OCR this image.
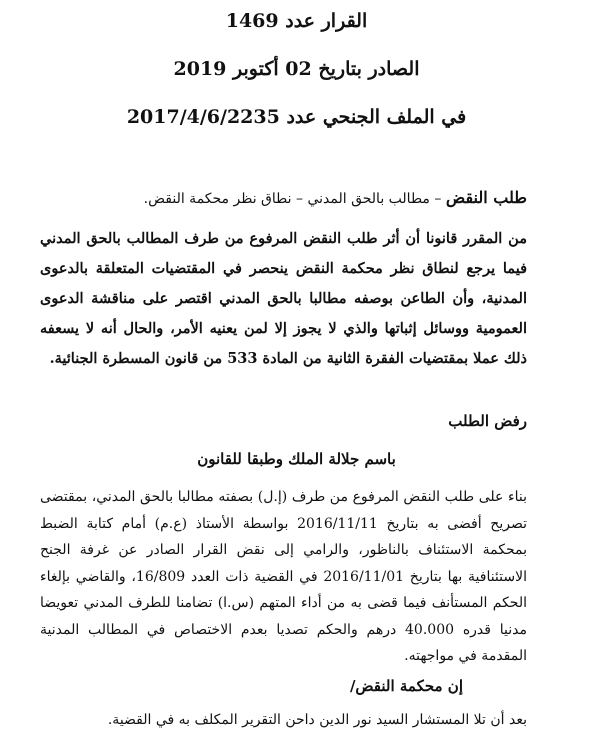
القرار عدد 1469
الصادر بتاريخ 02 أكتوبر 2019
في الملف الجنحي عدد 2017/4/6/2235
طلب النقض – مطالب بالحق المدني – نطاق نظر محكمة النقض.
من المقرر قانونا أن أثر طلب النقض المرفوع من طرف المطالب بالحق المدني فيما يرجع لنطاق نظر محكمة النقض ينحصر في المقتضيات المتعلقة بالدعوى المدنية، وأن الطاعن بوصفه مطالبا بالحق المدني اقتصر على مناقشة الدعوى العمومية ووسائل إثباتها والذي لا يجوز إلا لمن يعنيه الأمر، والحال أنه لا يسعفه ذلك عملا بمقتضيات الفقرة الثانية من المادة 533 من قانون المسطرة الجنائية.
رفض الطلب
باسم جلالة الملك وطبقا للقانون
بناء على طلب النقض المرفوع من طرف (إ.ل) بصفته مطالبا بالحق المدني، بمقتضى تصريح أفضى به بتاريخ 2016/11/11 بواسطة الأستاذ (ع.م) أمام كتابة الضبط بمحكمة الاستئناف بالناظور، والرامي إلى نقض القرار الصادر عن غرفة الجنح الاستئنافية بها بتاريخ 2016/11/01 في القضية ذات العدد 16/809، والقاضي بإلغاء الحكم المستأنف فيما قضى به من أداء المتهم (س.ا) تضامنا للطرف المدني تعويضا مدنيا قدره 40.000 درهم والحكم تصديا بعدم الاختصاص في المطالب المدنية المقدمة في مواجهته.
إن محكمة النقض/
بعد أن تلا المستشار السيد نور الدين داحن التقرير المكلف به في القضية.
